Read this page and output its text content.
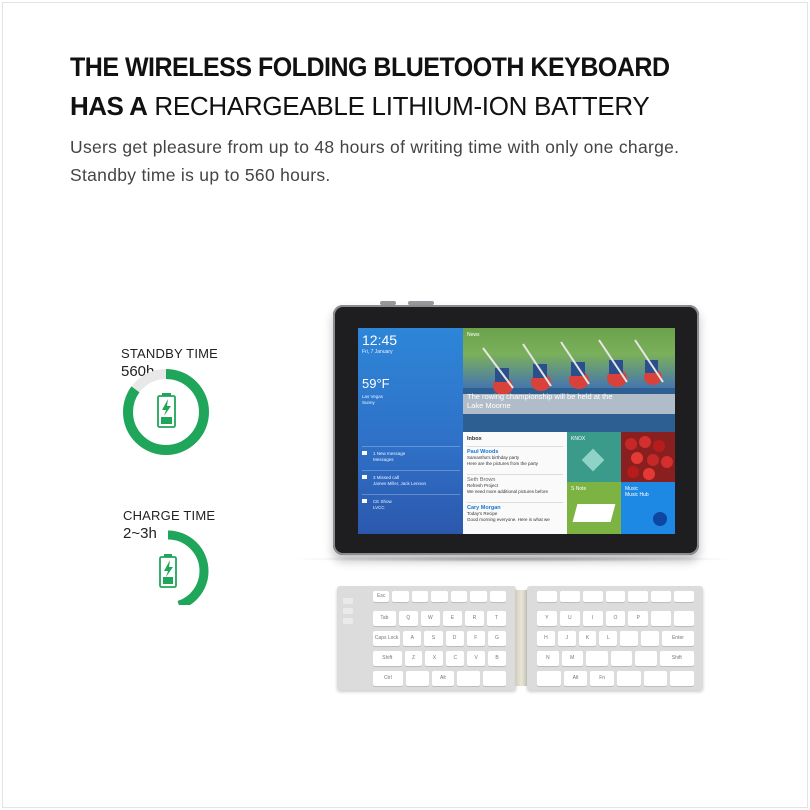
THE WIRELESS FOLDING BLUETOOTH KEYBOARD
HAS A RECHARGEABLE LITHIUM-ION BATTERY
Users get pleasure from up to 48 hours of writing time with only one charge.
Standby time is up to 560 hours.
STANDBY TIME
560h
CHARGE TIME
2~3h
12:45
Fri, 7 January
59°F
Las Vegas
Sunny
1 New message
Messages
3 Missed call
James Miller, Jack Lennon
CE Show
LVCC
News
The rowing championship will be held at the
Lake Moorne
Inbox
Paul Woods
Samantha's birthday party
Here are the pictures from the party
Seth Brown
Refresh Project
We need more additional pictures before
Cary Morgan
Today's Recipe
Good morning everyone. Here is what we
KNOX
S Note	Music
Music Hub
Esc
Tab	Q	W	E	R	T
Caps Lock	A	S	D	F	G
Shift	Z	X	C	V	B
Ctrl	Alt
Y	U	I	O	P
H	J	K	L	Enter
N	M	Shift
Alt	Fn
